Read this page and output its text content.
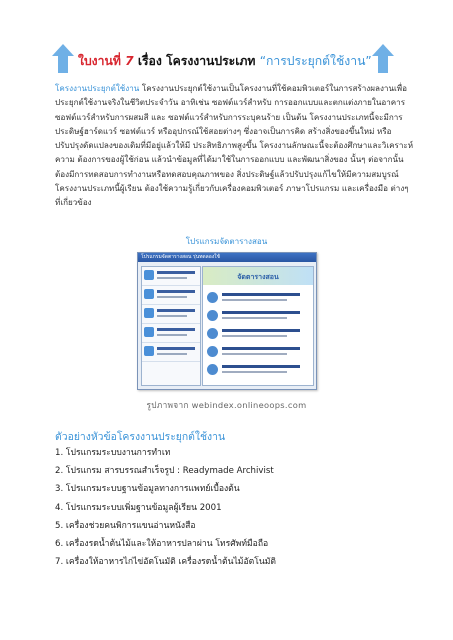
ใบงานที่ 7 เรื่อง โครงงานประเภท “การประยุกต์ใช้งาน”
โครงงานประยุกต์ใช้งาน โครงงานประยุกต์ใช้งานเป็นโครงงานที่ใช้คอมพิวเตอร์ในการสร้างผลงานเพื่อประยุกต์ใช้งานจริงในชีวิตประจำวัน อาทิเช่น ซอฟต์แวร์สำหรับ การออกแบบและตกแต่งภายในอาคาร ซอฟต์แวร์สำหรับการผสมสี และ ซอฟต์แวร์สำหรับการระบุคนร้าย เป็นต้น โครงงานประเภทนี้จะมีการ ประดิษฐ์ฮาร์ดแวร์ ซอฟต์แวร์ หรืออุปกรณ์ใช้สอยต่างๆ ซึ่งอาจเป็นการคิด สร้างสิ่งของขึ้นใหม่ หรือปรับปรุงดัดแปลงของเดิมที่มีอยู่แล้วให้มี ประสิทธิภาพสูงขึ้น โครงงานลักษณะนี้จะต้องศึกษาและวิเคราะห์ความ ต้องการของผู้ใช้ก่อน แล้วนำข้อมูลที่ได้มาใช้ในการออกแบบ และพัฒนาสิ่งของ นั้นๆ ต่อจากนั้นต้องมีการทดสอบการทำงานหรือทดสอบคุณภาพของ สิ่งประดิษฐ์แล้วปรับปรุงแก้ไขให้มีความสมบูรณ์ โครงงานประเภทนี้ผู้เรียน ต้องใช้ความรู้เกี่ยวกับเครื่องคอมพิวเตอร์ ภาษาโปรแกรม และเครื่องมือ ต่างๆ ที่เกี่ยวข้อง
โปรแกรมจัดตารางสอน
โปรแกรมจัดตารางสอน รุ่นทดลองใช้
จัดตารางสอน
รูปภาพจาก webindex.onlineoops.com
ตัวอย่างหัวข้อโครงงานประยุกต์ใช้งาน
1. โปรแกรมระบบงานการทำเท
2. โปรแกรม สารบรรณสำเร็จรูป : Readymade Archivist
3. โปรแกรมระบบฐานข้อมูลทางการแพทย์เบื้องต้น
4. โปรแกรมระบบเพิ่มฐานข้อมูลผู้เรียน 2001
5. เครื่องช่วยคนพิการแขนอ่านหนังสือ
6. เครื่องรดน้ำต้นไม้และให้อาหารปลาผ่าน โทรศัพท์มือถือ
7. เครื่องให้อาหารไก่ไข่อัตโนมัติ เครื่องรดน้ำต้นไม้อัตโนมัติ
